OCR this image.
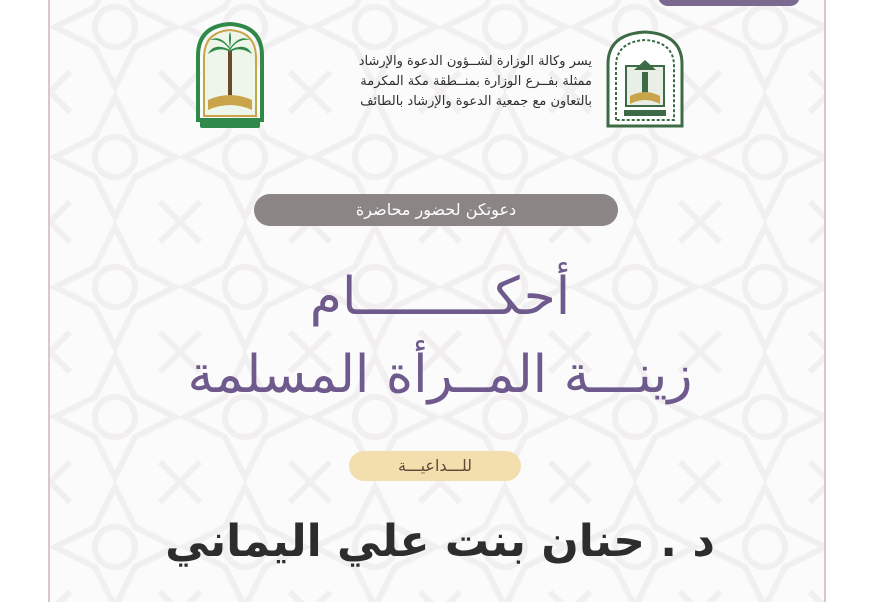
يسر وكالة الوزارة لشــؤون الدعوة والإرشاد
ممثلة بفــرع الوزارة بمنــطقة مكة المكرمة
بالتعاون مع جمعية الدعوة والإرشاد بالطائف
دعوتكن لحضور محاضرة
أحكـــــــــام
زينـــة المــرأة المسلمة
للـــداعيـــة
د . حنان بنت علي اليماني
